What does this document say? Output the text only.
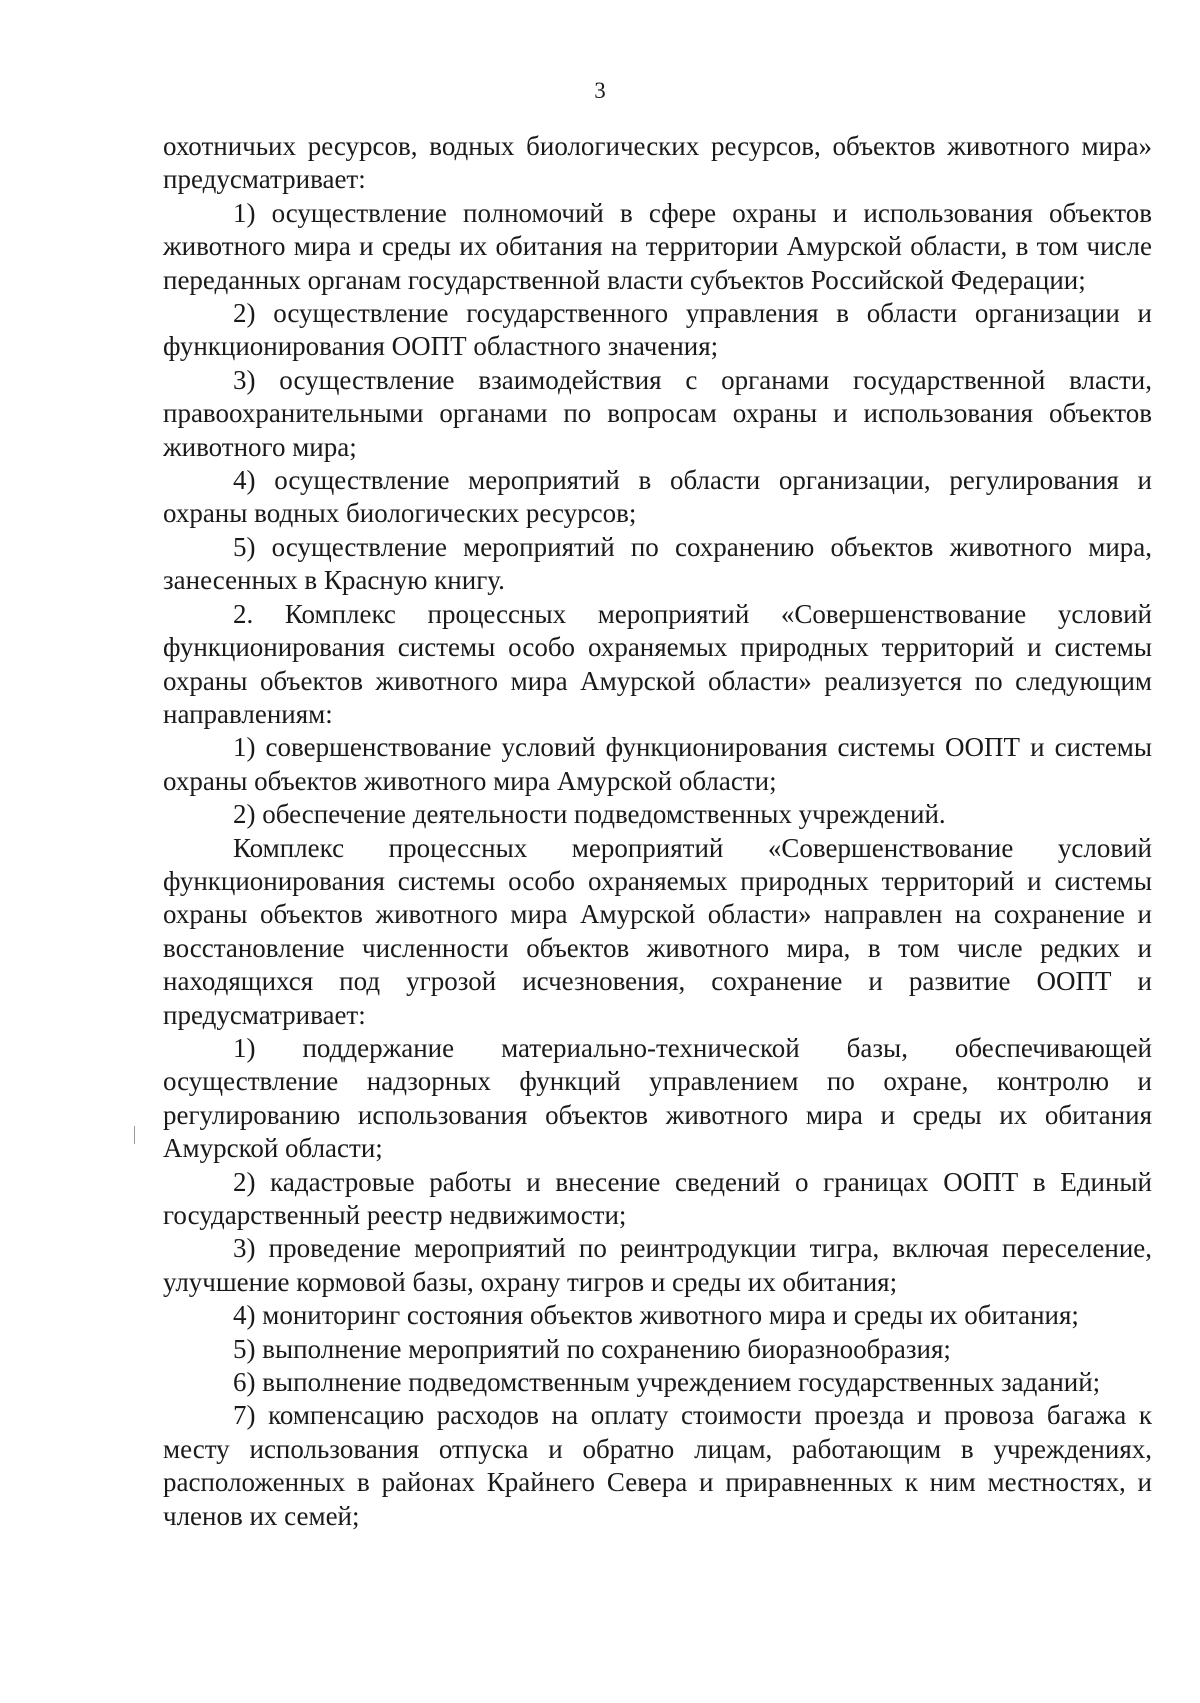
3

охотничьих ресурсов, водных биологических ресурсов, объектов животного мира» предусматривает:

1) осуществление полномочий в сфере охраны и использования объектов животного мира и среды их обитания на территории Амурской области, в том числе переданных органам государственной власти субъектов Российской Федерации;

2) осуществление государственного управления в области организации и функционирования ООПТ областного значения;

3) осуществление взаимодействия с органами государственной власти, правоохранительными органами по вопросам охраны и использования объектов животного мира;

4) осуществление мероприятий в области организации, регулирования и охраны водных биологических ресурсов;

5) осуществление мероприятий по сохранению объектов животного мира, занесенных в Красную книгу.

2. Комплекс процессных мероприятий «Совершенствование условий функционирования системы особо охраняемых природных территорий и системы охраны объектов животного мира Амурской области» реализуется по следующим направлениям:

1) совершенствование условий функционирования системы ООПТ и системы охраны объектов животного мира Амурской области;

2) обеспечение деятельности подведомственных учреждений.

Комплекс процессных мероприятий «Совершенствование условий функционирования системы особо охраняемых природных территорий и системы охраны объектов животного мира Амурской области» направлен на сохранение и восстановление численности объектов животного мира, в том числе редких и находящихся под угрозой исчезновения, сохранение и развитие ООПТ и предусматривает:

1) поддержание материально-технической базы, обеспечивающей осуществление надзорных функций управлением по охране, контролю и регулированию использования объектов животного мира и среды их обитания Амурской области;

2) кадастровые работы и внесение сведений о границах ООПТ в Единый государственный реестр недвижимости;

3) проведение мероприятий по реинтродукции тигра, включая переселение, улучшение кормовой базы, охрану тигров и среды их обитания;

4) мониторинг состояния объектов животного мира и среды их обитания;

5) выполнение мероприятий по сохранению биоразнообразия;

6) выполнение подведомственным учреждением государственных заданий;

7) компенсацию расходов на оплату стоимости проезда и провоза багажа к месту использования отпуска и обратно лицам, работающим в учреждениях, расположенных в районах Крайнего Севера и приравненных к ним местностях, и членов их семей;
